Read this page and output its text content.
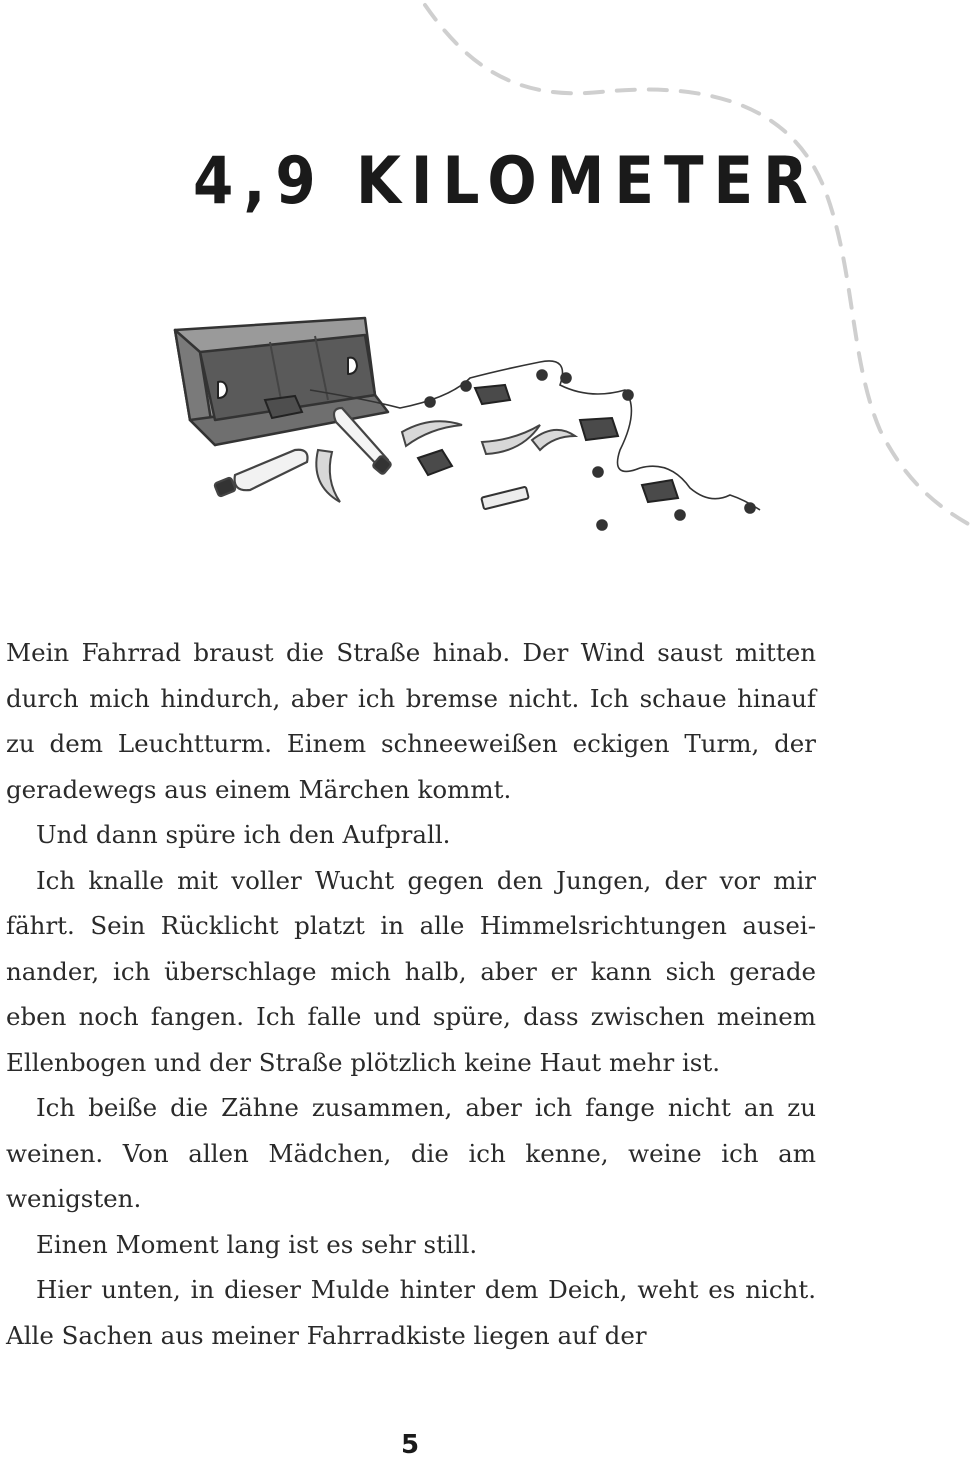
4,9 KILOMETER

Mein Fahrrad braust die Straße hinab. Der Wind saust mitten durch mich hindurch, aber ich bremse nicht. Ich schaue hinauf zu dem Leuchtturm. Einem schneeweißen eckigen Turm, der geradewegs aus einem Märchen kommt.

Und dann spüre ich den Aufprall.

Ich knalle mit voller Wucht gegen den Jungen, der vor mir fährt. Sein Rücklicht platzt in alle Himmelsrichtungen auseinander, ich überschlage mich halb, aber er kann sich gerade eben noch fangen. Ich falle und spüre, dass zwischen meinem Ellenbogen und der Straße plötzlich keine Haut mehr ist.

Ich beiße die Zähne zusammen, aber ich fange nicht an zu weinen. Von allen Mädchen, die ich kenne, weine ich am wenigsten.

Einen Moment lang ist es sehr still.

Hier unten, in dieser Mulde hinter dem Deich, weht es nicht. Alle Sachen aus meiner Fahrradkiste liegen auf der

5
